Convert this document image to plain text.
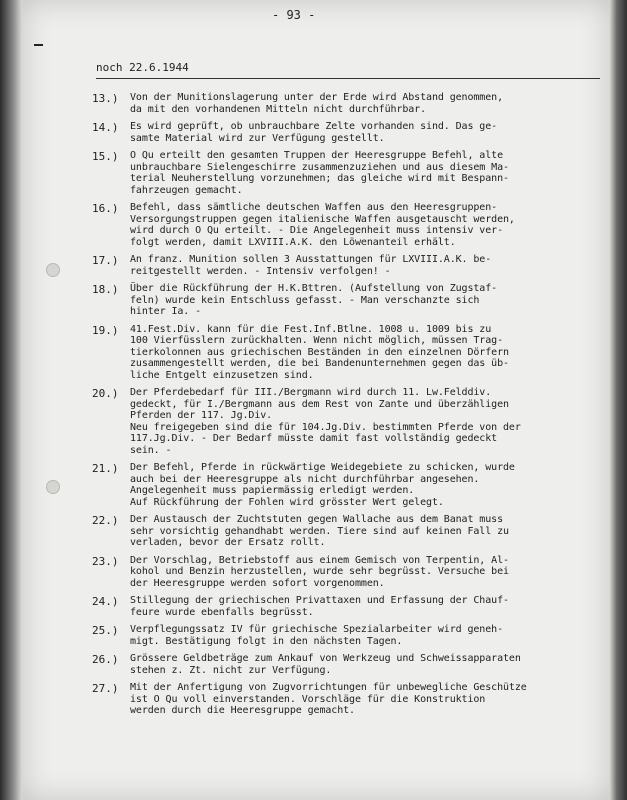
- 93 -
noch 22.6.1944
13.)	Von der Munitionslagerung unter der Erde wird Abstand genommen,
da mit den vorhandenen Mitteln nicht durchführbar.
14.)	Es wird geprüft, ob unbrauchbare Zelte vorhanden sind. Das ge-
samte Material wird zur Verfügung gestellt.
15.)	O Qu erteilt den gesamten Truppen der Heeresgruppe Befehl, alte
unbrauchbare Sielengeschirre zusammenzuziehen und aus diesem Ma-
terial Neuherstellung vorzunehmen; das gleiche wird mit Bespann-
fahrzeugen gemacht.
16.)	Befehl, dass sämtliche deutschen Waffen aus den Heeresgruppen-
Versorgungstruppen gegen italienische Waffen ausgetauscht werden,
wird durch O Qu erteilt. - Die Angelegenheit muss intensiv ver-
folgt werden, damit LXVIII.A.K. den Löwenanteil erhält.
17.)	An franz. Munition sollen 3 Ausstattungen für LXVIII.A.K. be-
reitgestellt werden. - Intensiv verfolgen! -
18.)	Über die Rückführung der H.K.Bttren. (Aufstellung von Zugstaf-
feln) wurde kein Entschluss gefasst. - Man verschanzte sich
hinter Ia. -
19.)	41.Fest.Div. kann für die Fest.Inf.Btlne. 1008 u. 1009 bis zu
100 Vierfüsslern zurückhalten. Wenn nicht möglich, müssen Trag-
tierkolonnen aus griechischen Beständen in den einzelnen Dörfern
zusammengestellt werden, die bei Bandenunternehmen gegen das üb-
liche Entgelt einzusetzen sind.
20.)	Der Pferdebedarf für III./Bergmann wird durch 11. Lw.Felddiv.
gedeckt, für I./Bergmann aus dem Rest von Zante und überzähligen
Pferden der 117. Jg.Div.
Neu freigegeben sind die für 104.Jg.Div. bestimmten Pferde von der
117.Jg.Div. - Der Bedarf müsste damit fast vollständig gedeckt
sein. -
21.)	Der Befehl, Pferde in rückwärtige Weidegebiete zu schicken, wurde
auch bei der Heeresgruppe als nicht durchführbar angesehen.
Angelegenheit muss papiermässig erledigt werden.
Auf Rückführung der Fohlen wird grösster Wert gelegt.
22.)	Der Austausch der Zuchtstuten gegen Wallache aus dem Banat muss
sehr vorsichtig gehandhabt werden. Tiere sind auf keinen Fall zu
verladen, bevor der Ersatz rollt.
23.)	Der Vorschlag, Betriebstoff aus einem Gemisch von Terpentin, Al-
kohol und Benzin herzustellen, wurde sehr begrüsst. Versuche bei
der Heeresgruppe werden sofort vorgenommen.
24.)	Stillegung der griechischen Privattaxen und Erfassung der Chauf-
feure wurde ebenfalls begrüsst.
25.)	Verpflegungssatz IV für griechische Spezialarbeiter wird geneh-
migt. Bestätigung folgt in den nächsten Tagen.
26.)	Grössere Geldbeträge zum Ankauf von Werkzeug und Schweissapparaten
stehen z. Zt. nicht zur Verfügung.
27.)	Mit der Anfertigung von Zugvorrichtungen für unbewegliche Geschütze
ist O Qu voll einverstanden. Vorschläge für die Konstruktion
werden durch die Heeresgruppe gemacht.
